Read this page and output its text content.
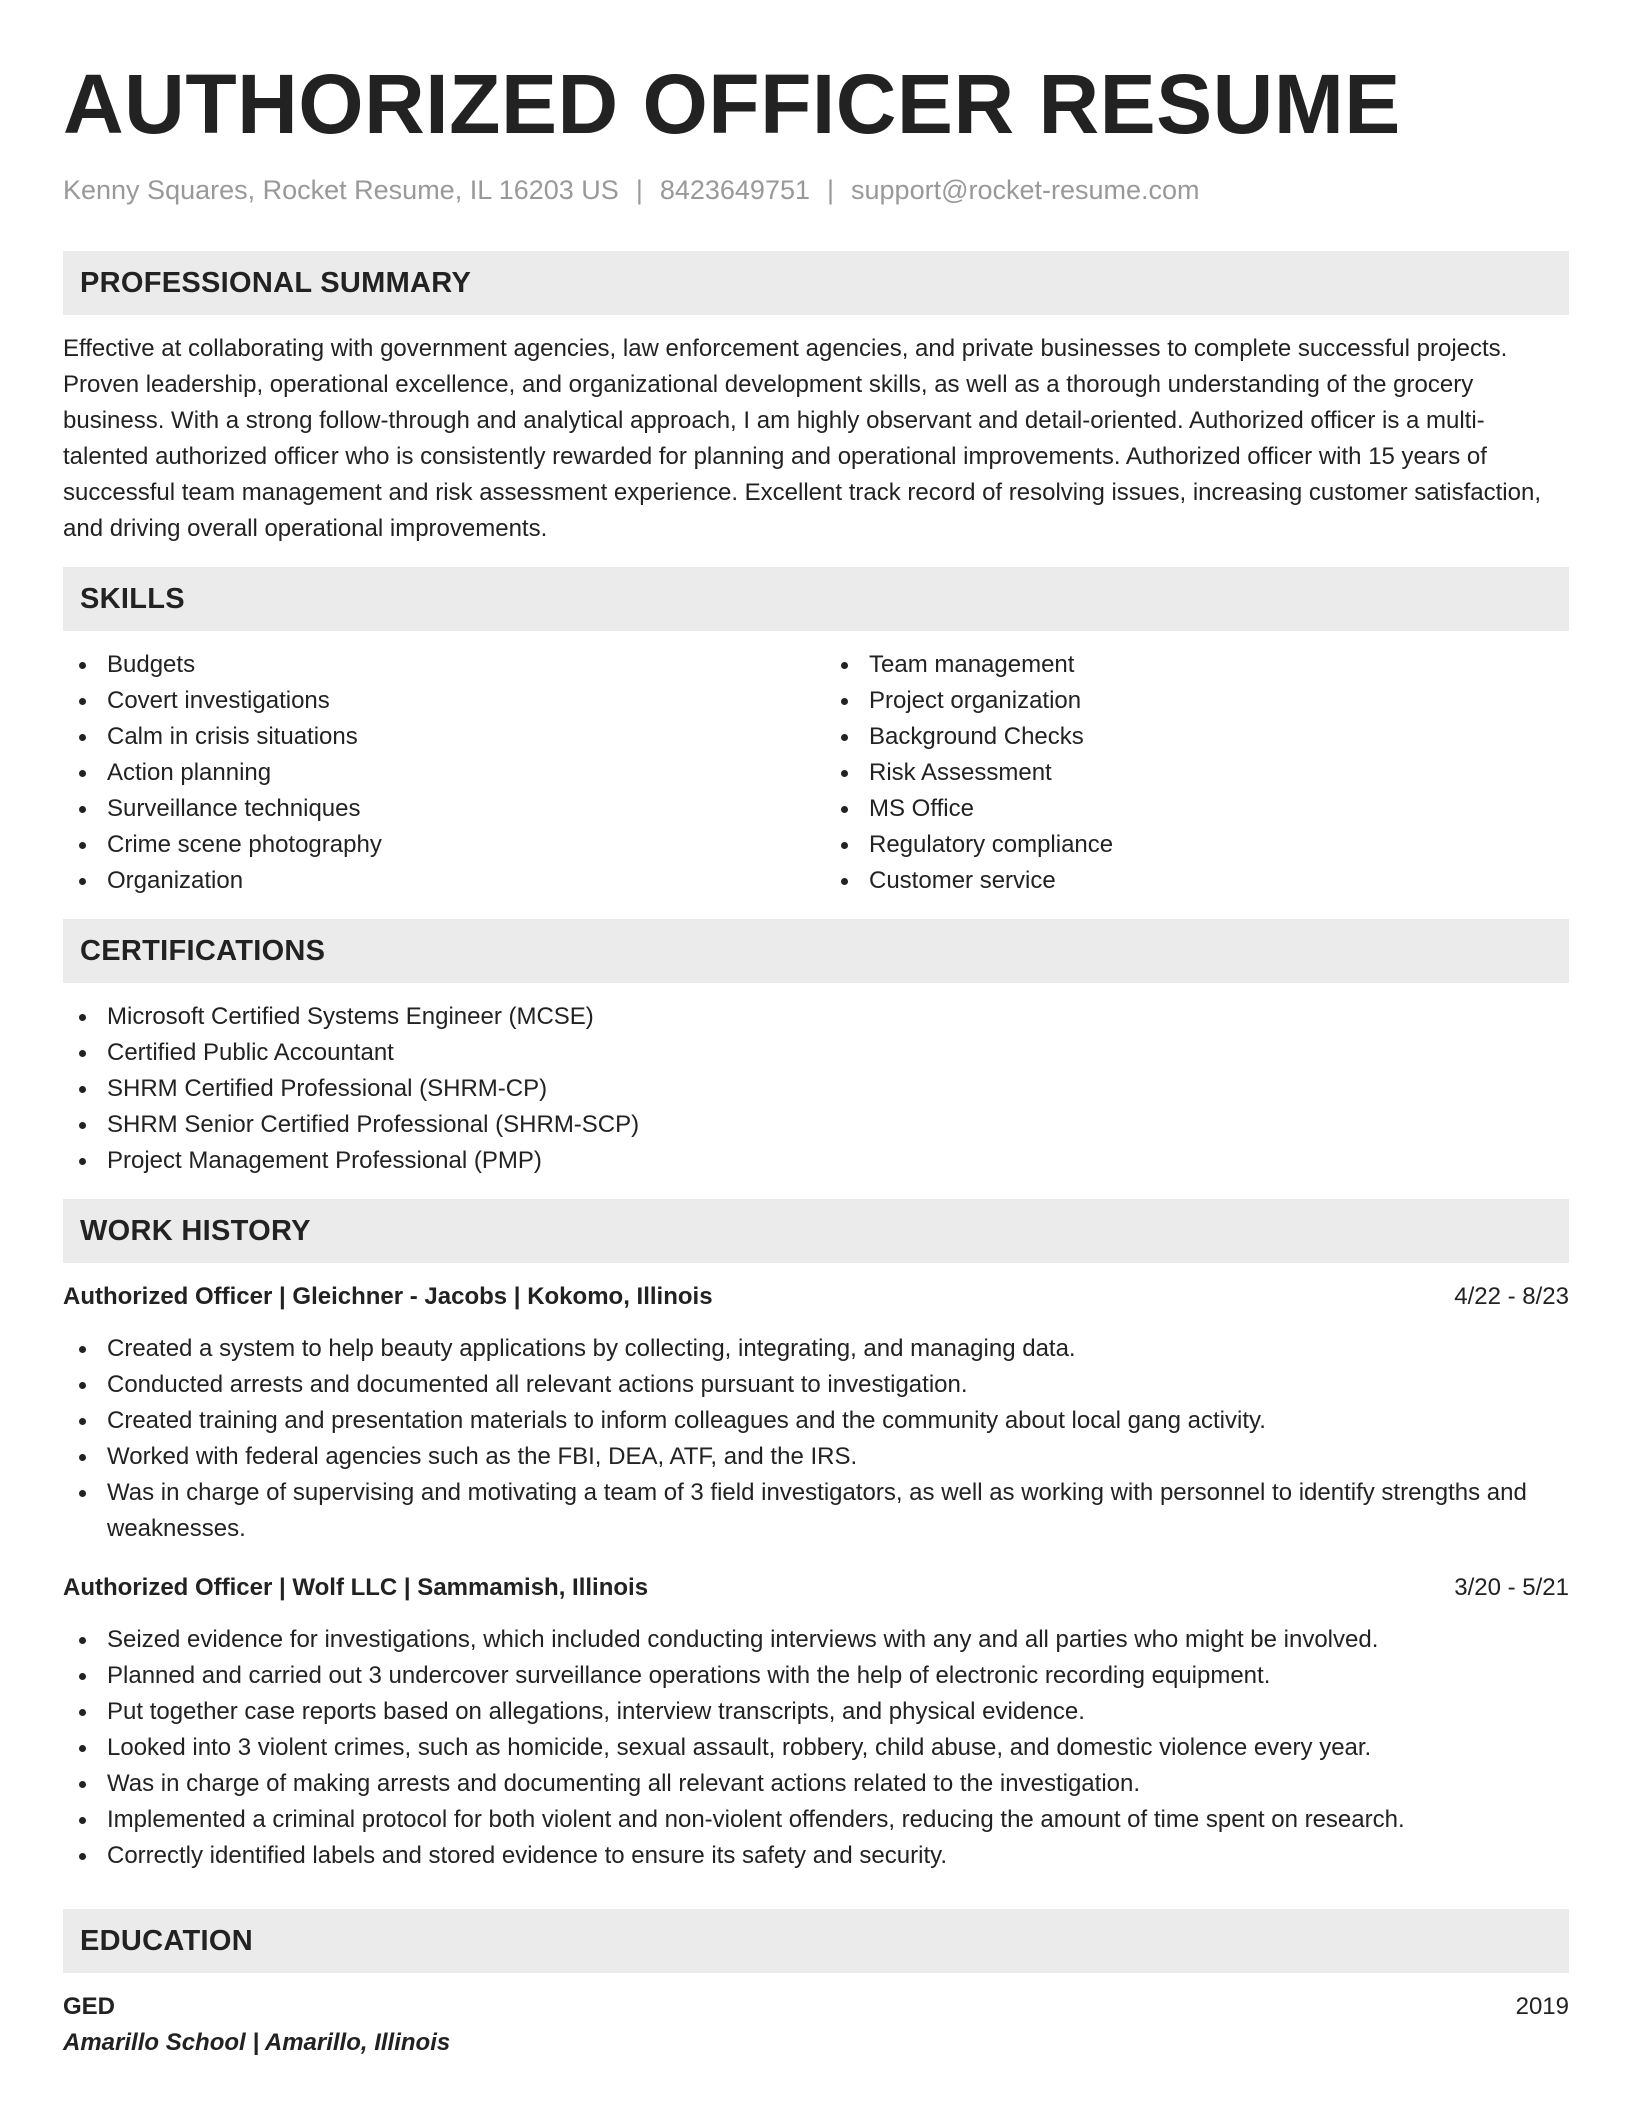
AUTHORIZED OFFICER RESUME
Kenny Squares, Rocket Resume, IL 16203 US | 8423649751 | support@rocket-resume.com
PROFESSIONAL SUMMARY

Effective at collaborating with government agencies, law enforcement agencies, and private businesses to complete successful projects. Proven leadership, operational excellence, and organizational development skills, as well as a thorough understanding of the grocery business. With a strong follow-through and analytical approach, I am highly observant and detail-oriented. Authorized officer is a multi-talented authorized officer who is consistently rewarded for planning and operational improvements. Authorized officer with 15 years of successful team management and risk assessment experience. Excellent track record of resolving issues, increasing customer satisfaction, and driving overall operational improvements.

SKILLS
Budgets
Covert investigations
Calm in crisis situations
Action planning
Surveillance techniques
Crime scene photography
Organization
Team management
Project organization
Background Checks
Risk Assessment
MS Office
Regulatory compliance
Customer service
CERTIFICATIONS
Microsoft Certified Systems Engineer (MCSE)
Certified Public Accountant
SHRM Certified Professional (SHRM-CP)
SHRM Senior Certified Professional (SHRM-SCP)
Project Management Professional (PMP)
WORK HISTORY
Authorized Officer | Gleichner - Jacobs | Kokomo, Illinois	4/22 - 8/23
Created a system to help beauty applications by collecting, integrating, and managing data.
Conducted arrests and documented all relevant actions pursuant to investigation.
Created training and presentation materials to inform colleagues and the community about local gang activity.
Worked with federal agencies such as the FBI, DEA, ATF, and the IRS.
Was in charge of supervising and motivating a team of 3 field investigators, as well as working with personnel to identify strengths and weaknesses.
Authorized Officer | Wolf LLC | Sammamish, Illinois	3/20 - 5/21
Seized evidence for investigations, which included conducting interviews with any and all parties who might be involved.
Planned and carried out 3 undercover surveillance operations with the help of electronic recording equipment.
Put together case reports based on allegations, interview transcripts, and physical evidence.
Looked into 3 violent crimes, such as homicide, sexual assault, robbery, child abuse, and domestic violence every year.
Was in charge of making arrests and documenting all relevant actions related to the investigation.
Implemented a criminal protocol for both violent and non-violent offenders, reducing the amount of time spent on research.
Correctly identified labels and stored evidence to ensure its safety and security.
EDUCATION
GED	2019
Amarillo School | Amarillo, Illinois
